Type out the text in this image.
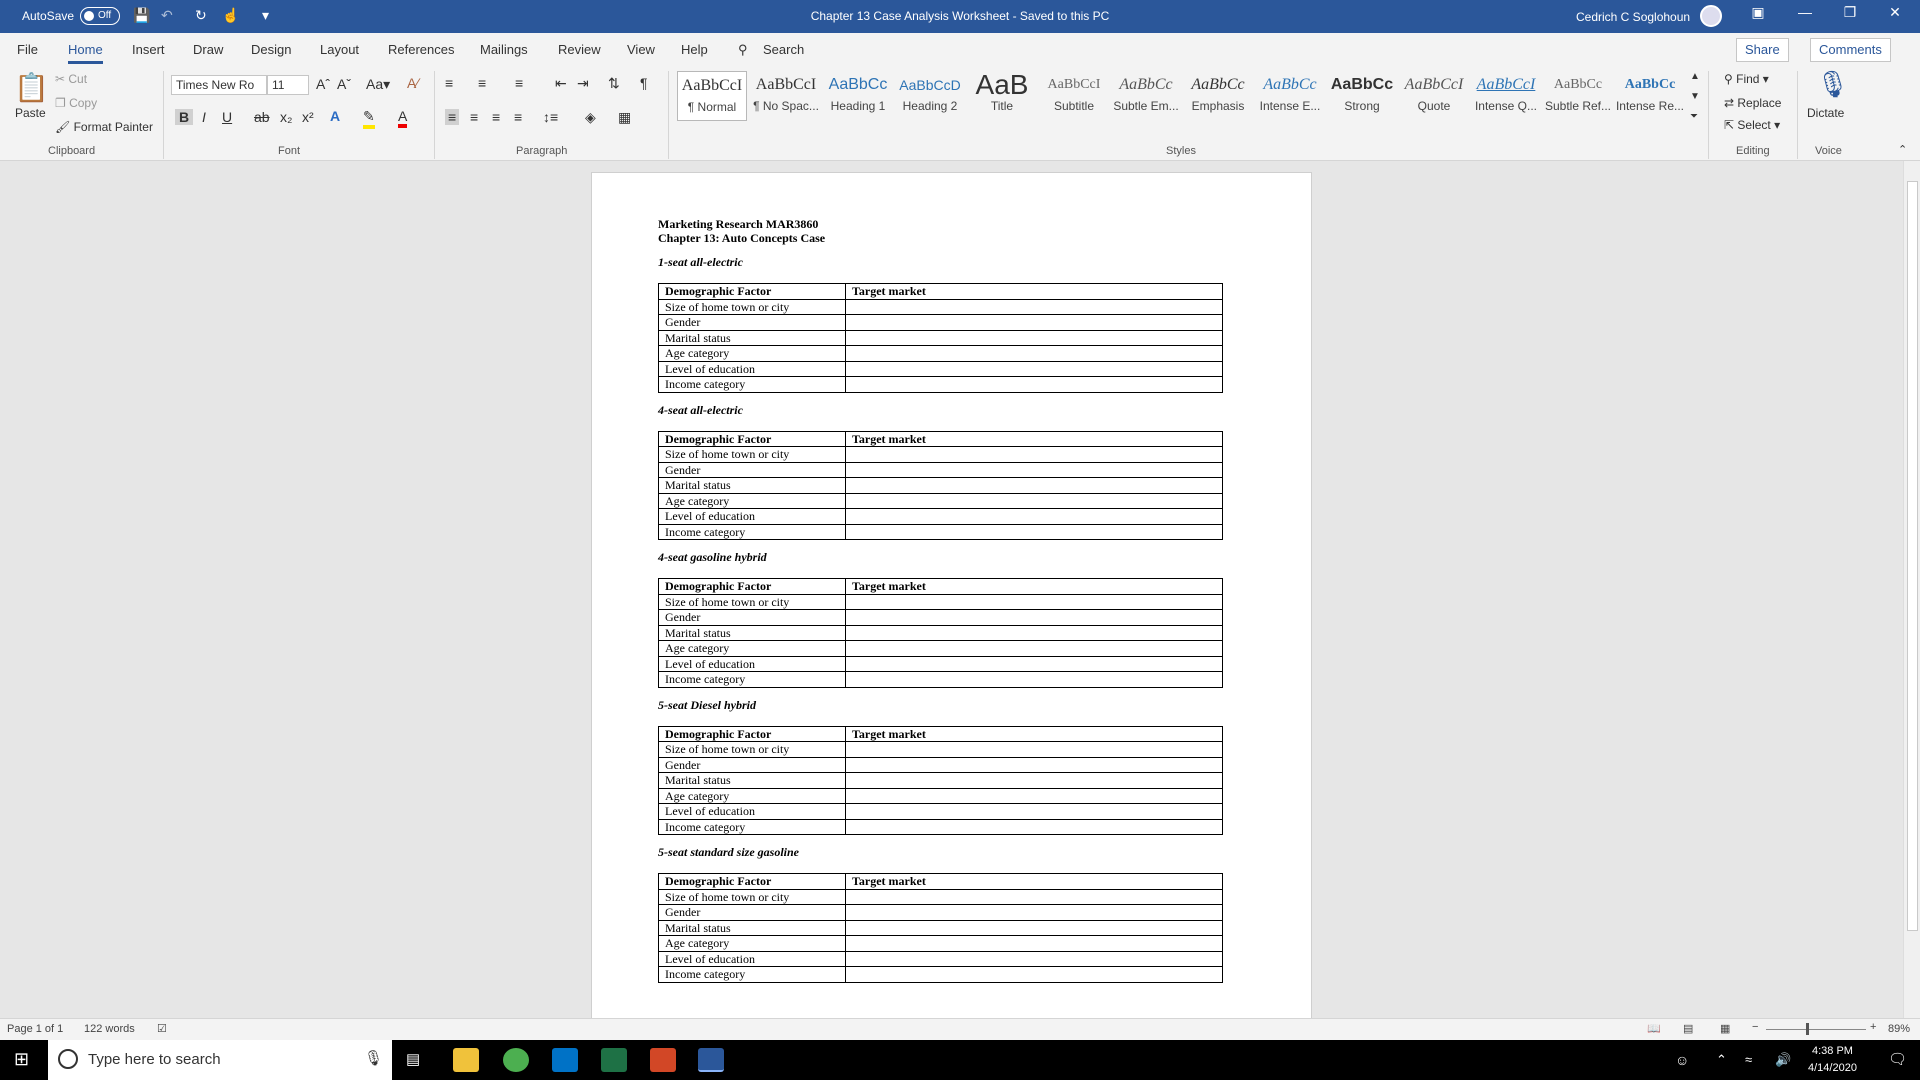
AutoSave Off 💾 ↶ ↻ ☝ ▾	Chapter 13 Case Analysis Worksheet - Saved to this PC	Cedrich C Soglohoun	▣	—	❐	✕
File Home Insert Draw Design Layout References Mailings Review View Help ⚲ Search	Share	Comments
📋
Paste
✂ Cut
❐ Copy
🖌 Format Painter
Clipboard
Times New Ro	11	Aˆ Aˇ Aa▾ A∕
B I U ab x₂ x² A ✎ A
Font
≡ ≡ ≡ ⇤ ⇥ ⇅ ¶
≡ ≡ ≡ ≡ ↕≡ ◈ ▦
Paragraph
AaBbCcI
¶ Normal
AaBbCcI
¶ No Spac...
AaBbCc
Heading 1
AaBbCcD
Heading 2
AaB
Title
AaBbCcI
Subtitle
AaBbCc
Subtle Em...
AaBbCc
Emphasis
AaBbCc
Intense E...
AaBbCc
Strong
AaBbCcI
Quote
AaBbCcI
Intense Q...
AaBbCc
Subtle Ref...
AaBbCc
Intense Re...
▲
▼
⏷
Styles
⚲ Find ▾
⇄ Replace
⇱ Select ▾
Editing
🎙
Dictate
Voice	⌃
Marketing Research MAR3860
Chapter 13: Auto Concepts Case
1-seat all-electric
Demographic Factor	Target market
Size of home town or city	
Gender	
Marital status	
Age category	
Level of education	
Income category	
4-seat all-electric
Demographic Factor	Target market
Size of home town or city	
Gender	
Marital status	
Age category	
Level of education	
Income category	
4-seat gasoline hybrid
Demographic Factor	Target market
Size of home town or city	
Gender	
Marital status	
Age category	
Level of education	
Income category	
5-seat Diesel hybrid
Demographic Factor	Target market
Size of home town or city	
Gender	
Marital status	
Age category	
Level of education	
Income category	
5-seat standard size gasoline
Demographic Factor	Target market
Size of home town or city	
Gender	
Marital status	
Age category	
Level of education	
Income category	
Page 1 of 1 122 words ☑	📖 ▤ ▦ −	+ 89%
⊞	Type here to search	🎙 ▤	☺ ⌃ ≈ 🔊
4:38 PM
4/14/2020 🗨
